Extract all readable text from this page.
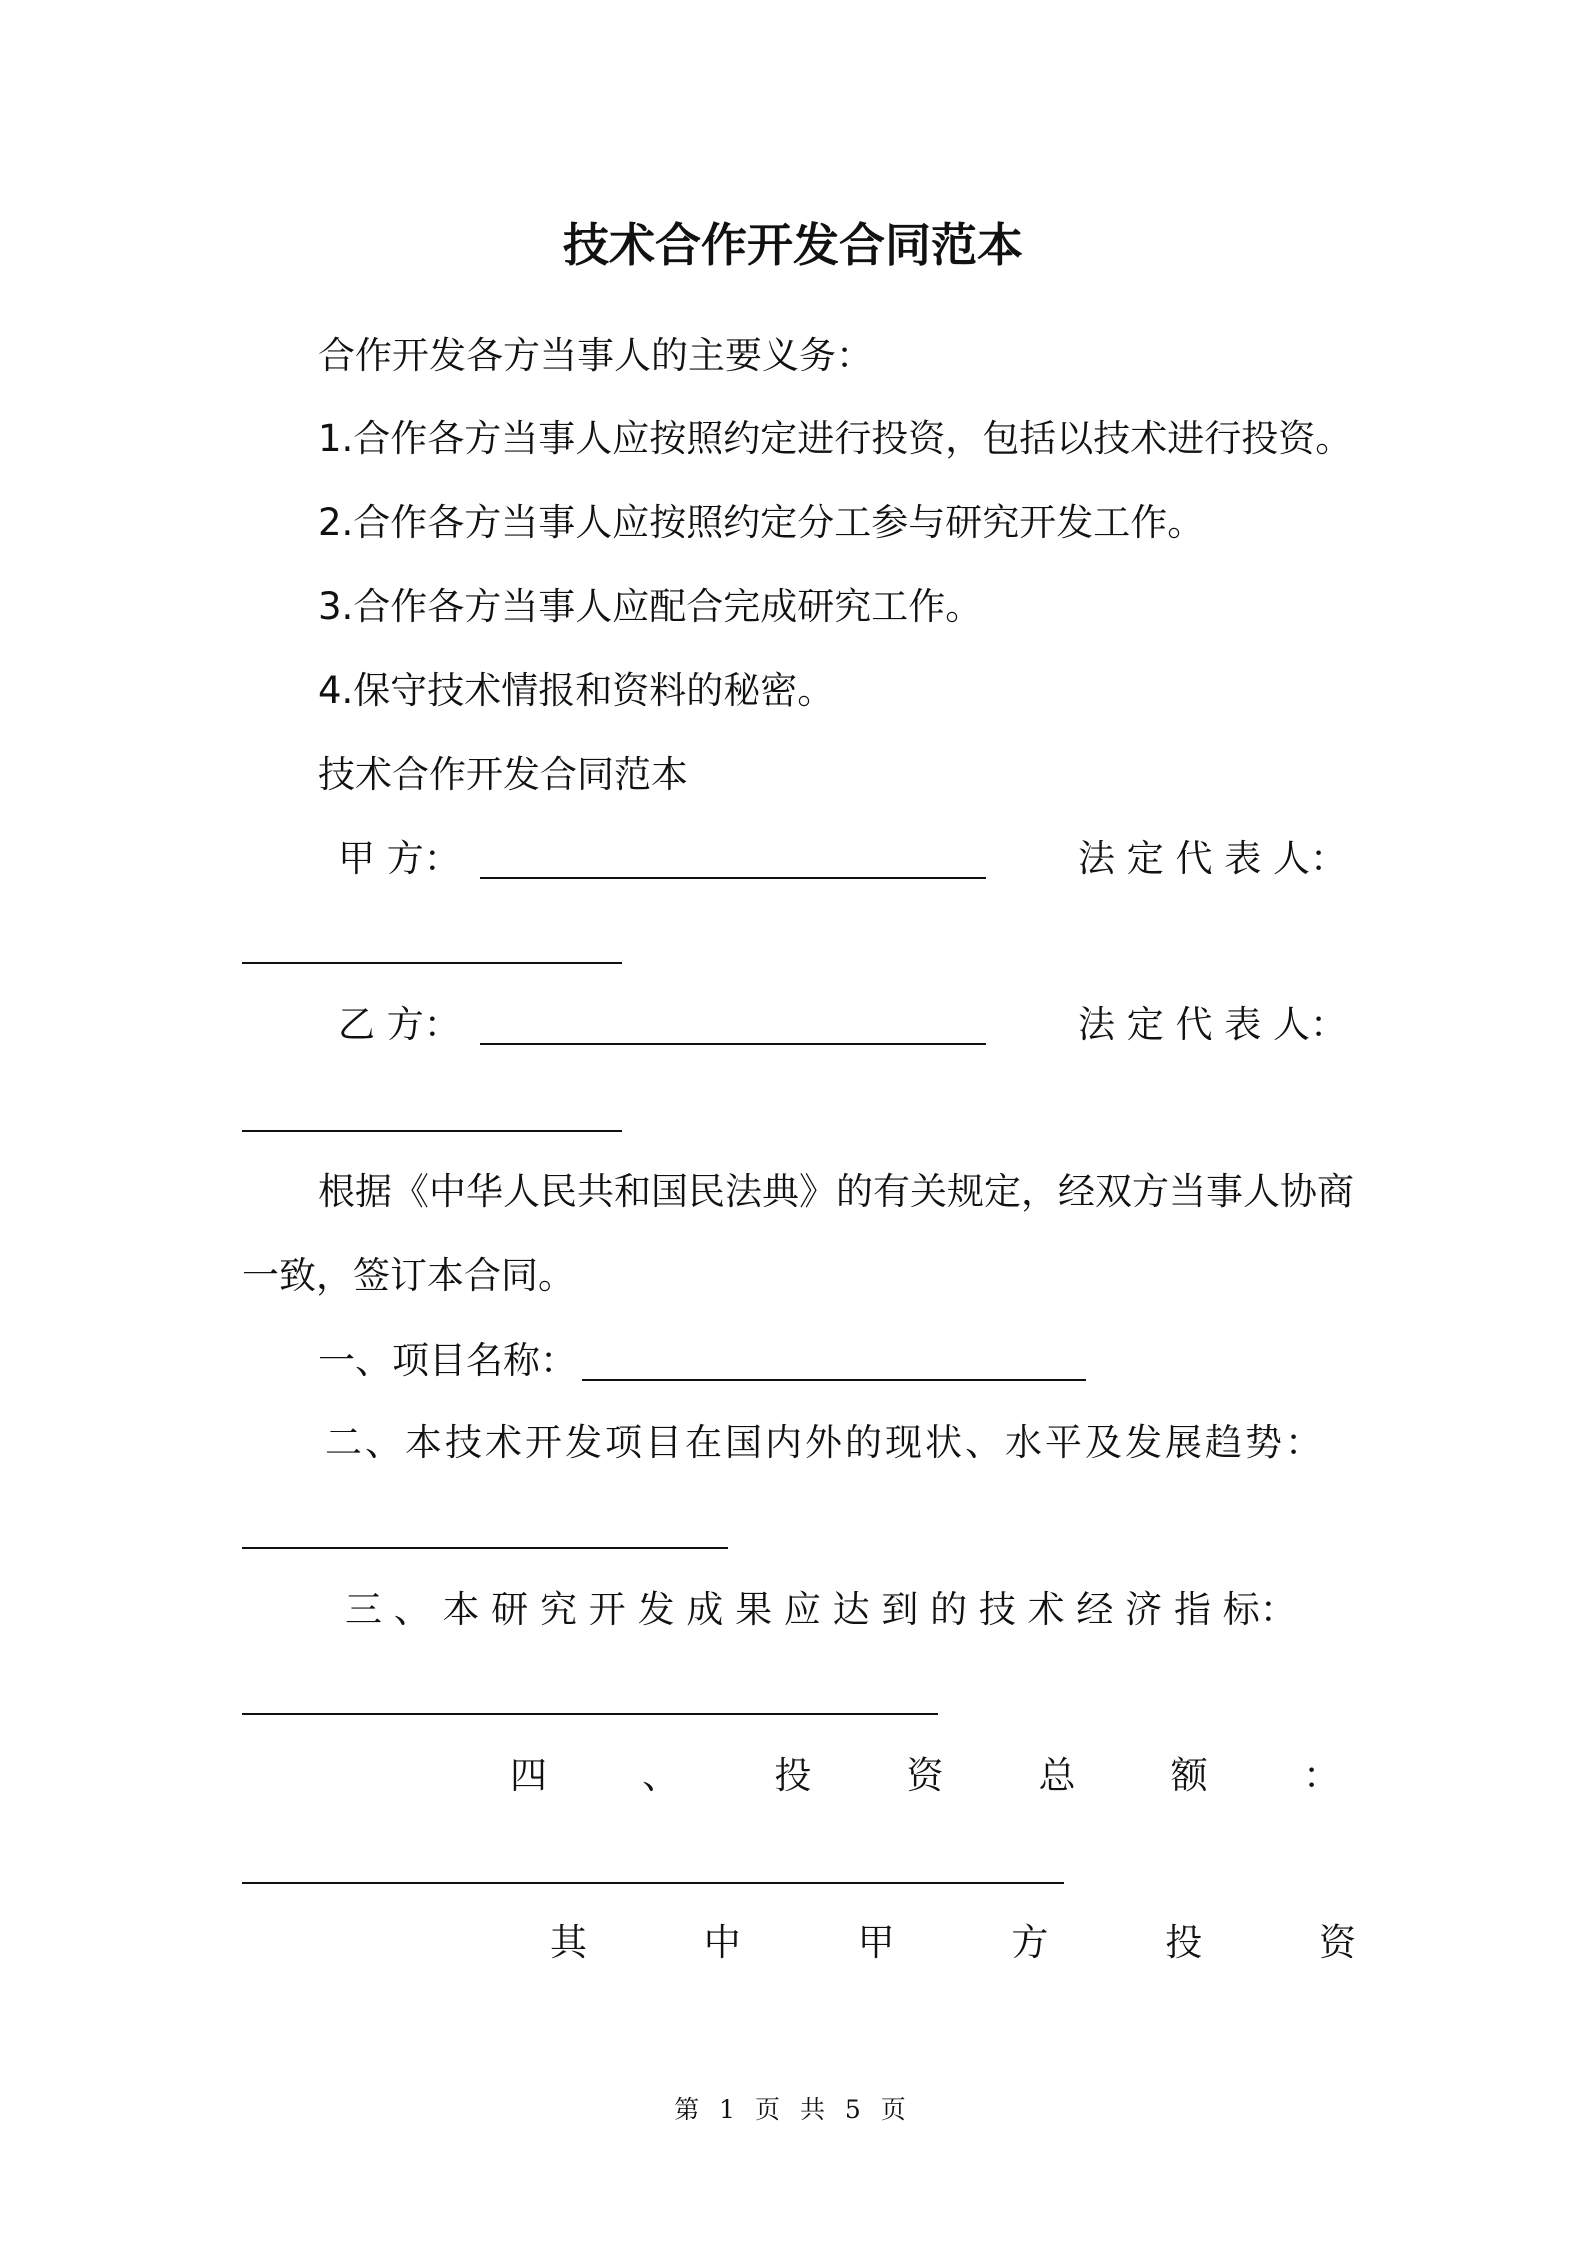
技术合作开发合同范本
合作开发各方当事人的主要义务：
1.合作各方当事人应按照约定进行投资，包括以技术进行投资。
2.合作各方当事人应按照约定分工参与研究开发工作。
3.合作各方当事人应配合完成研究工作。
4.保守技术情报和资料的秘密。
技术合作开发合同范本
甲 方：	法 定 代 表 人：
乙 方：	法 定 代 表 人：
根据《中华人民共和国民法典》的有关规定，经双方当事人协商
一致，签订本合同。
一、项目名称：
二、本技术开发项目在国内外的现状、水平及发展趋势：
三 、 本 研 究 开 发 成 果 应 达 到 的 技 术 经 济 指 标：
四	、	投	资	总	额	：
其	中	甲	方	投	资
第 1 页 共 5 页
